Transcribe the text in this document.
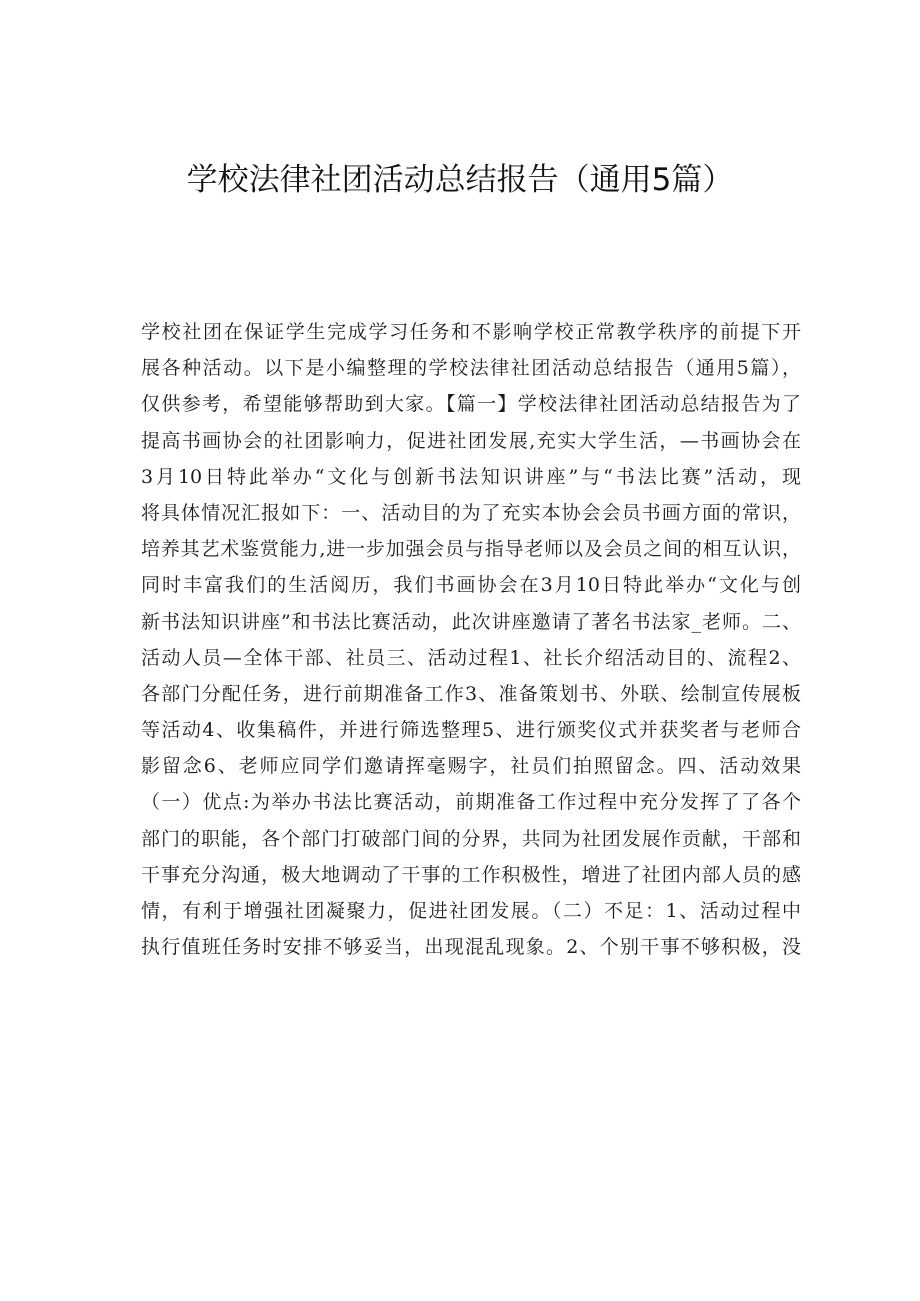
学校法律社团活动总结报告（通用5篇）
学校社团在保证学生完成学习任务和不影响学校正常教学秩序的前提下开
展各种活动。以下是小编整理的学校法律社团活动总结报告（通用5篇），
仅供参考，希望能够帮助到大家。【篇一】学校法律社团活动总结报告为了
提高书画协会的社团影响力，促进社团发展,充实大学生活，—书画协会在
3月10日特此举办“文化与创新书法知识讲座”与“书法比赛”活动，现
将具体情况汇报如下：一、活动目的为了充实本协会会员书画方面的常识，
培养其艺术鉴赏能力,进一步加强会员与指导老师以及会员之间的相互认识，
同时丰富我们的生活阅历，我们书画协会在3月10日特此举办“文化与创
新书法知识讲座”和书法比赛活动，此次讲座邀请了著名书法家_老师。二、
活动人员—全体干部、社员三、活动过程1、社长介绍活动目的、流程2、
各部门分配任务，进行前期准备工作3、准备策划书、外联、绘制宣传展板
等活动4、收集稿件，并进行筛选整理5、进行颁奖仪式并获奖者与老师合
影留念6、老师应同学们邀请挥毫赐字，社员们拍照留念。四、活动效果
（一）优点:为举办书法比赛活动，前期准备工作过程中充分发挥了了各个
部门的职能，各个部门打破部门间的分界，共同为社团发展作贡献，干部和
干事充分沟通，极大地调动了干事的工作积极性，增进了社团内部人员的感
情，有利于增强社团凝聚力，促进社团发展。（二）不足：1、活动过程中
执行值班任务时安排不够妥当，出现混乱现象。2、个别干事不够积极，没
